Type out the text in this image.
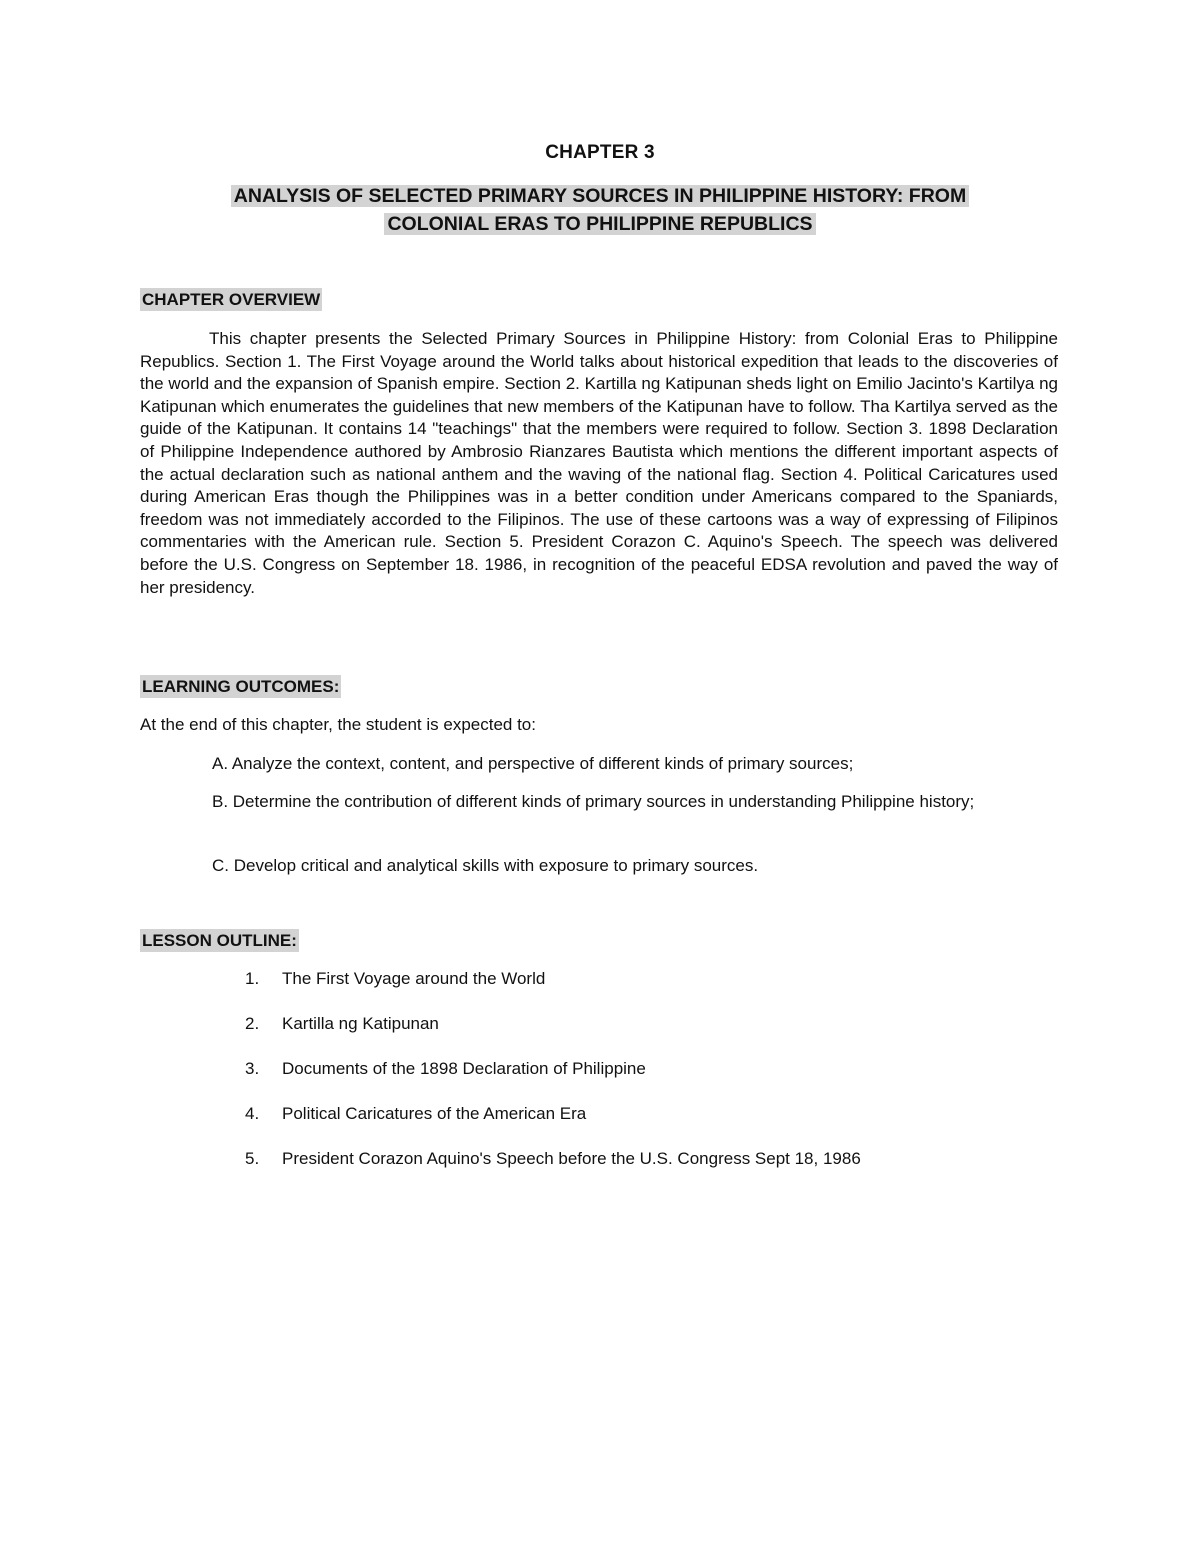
CHAPTER 3
ANALYSIS OF SELECTED PRIMARY SOURCES IN PHILIPPINE HISTORY: FROM
COLONIAL ERAS TO PHILIPPINE REPUBLICS
CHAPTER OVERVIEW

This chapter presents the Selected Primary Sources in Philippine History: from Colonial Eras to Philippine Republics. Section 1. The First Voyage around the World talks about historical expedition that leads to the discoveries of the world and the expansion of Spanish empire. Section 2. Kartilla ng Katipunan sheds light on Emilio Jacinto's Kartilya ng Katipunan which enumerates the guidelines that new members of the Katipunan have to follow. Tha Kartilya served as the guide of the Katipunan. It contains 14 "teachings" that the members were required to follow. Section 3. 1898 Declaration of Philippine Independence authored by Ambrosio Rianzares Bautista which mentions the different important aspects of the actual declaration such as national anthem and the waving of the national flag. Section 4. Political Caricatures used during American Eras though the Philippines was in a better condition under Americans compared to the Spaniards, freedom was not immediately accorded to the Filipinos. The use of these cartoons was a way of expressing of Filipinos commentaries with the American rule. Section 5. President Corazon C. Aquino's Speech. The speech was delivered before the U.S. Congress on September 18. 1986, in recognition of the peaceful EDSA revolution and paved the way of her presidency.

LEARNING OUTCOMES:
At the end of this chapter, the student is expected to:

A. Analyze the context, content, and perspective of different kinds of primary sources;

B. Determine the contribution of different kinds of primary sources in understanding Philippine history;

C. Develop critical and analytical skills with exposure to primary sources.

LESSON OUTLINE:
1.	The First Voyage around the World
2.	Kartilla ng Katipunan
3.	Documents of the 1898 Declaration of Philippine
4.	Political Caricatures of the American Era
5.	President Corazon Aquino's Speech before the U.S. Congress Sept 18, 1986
